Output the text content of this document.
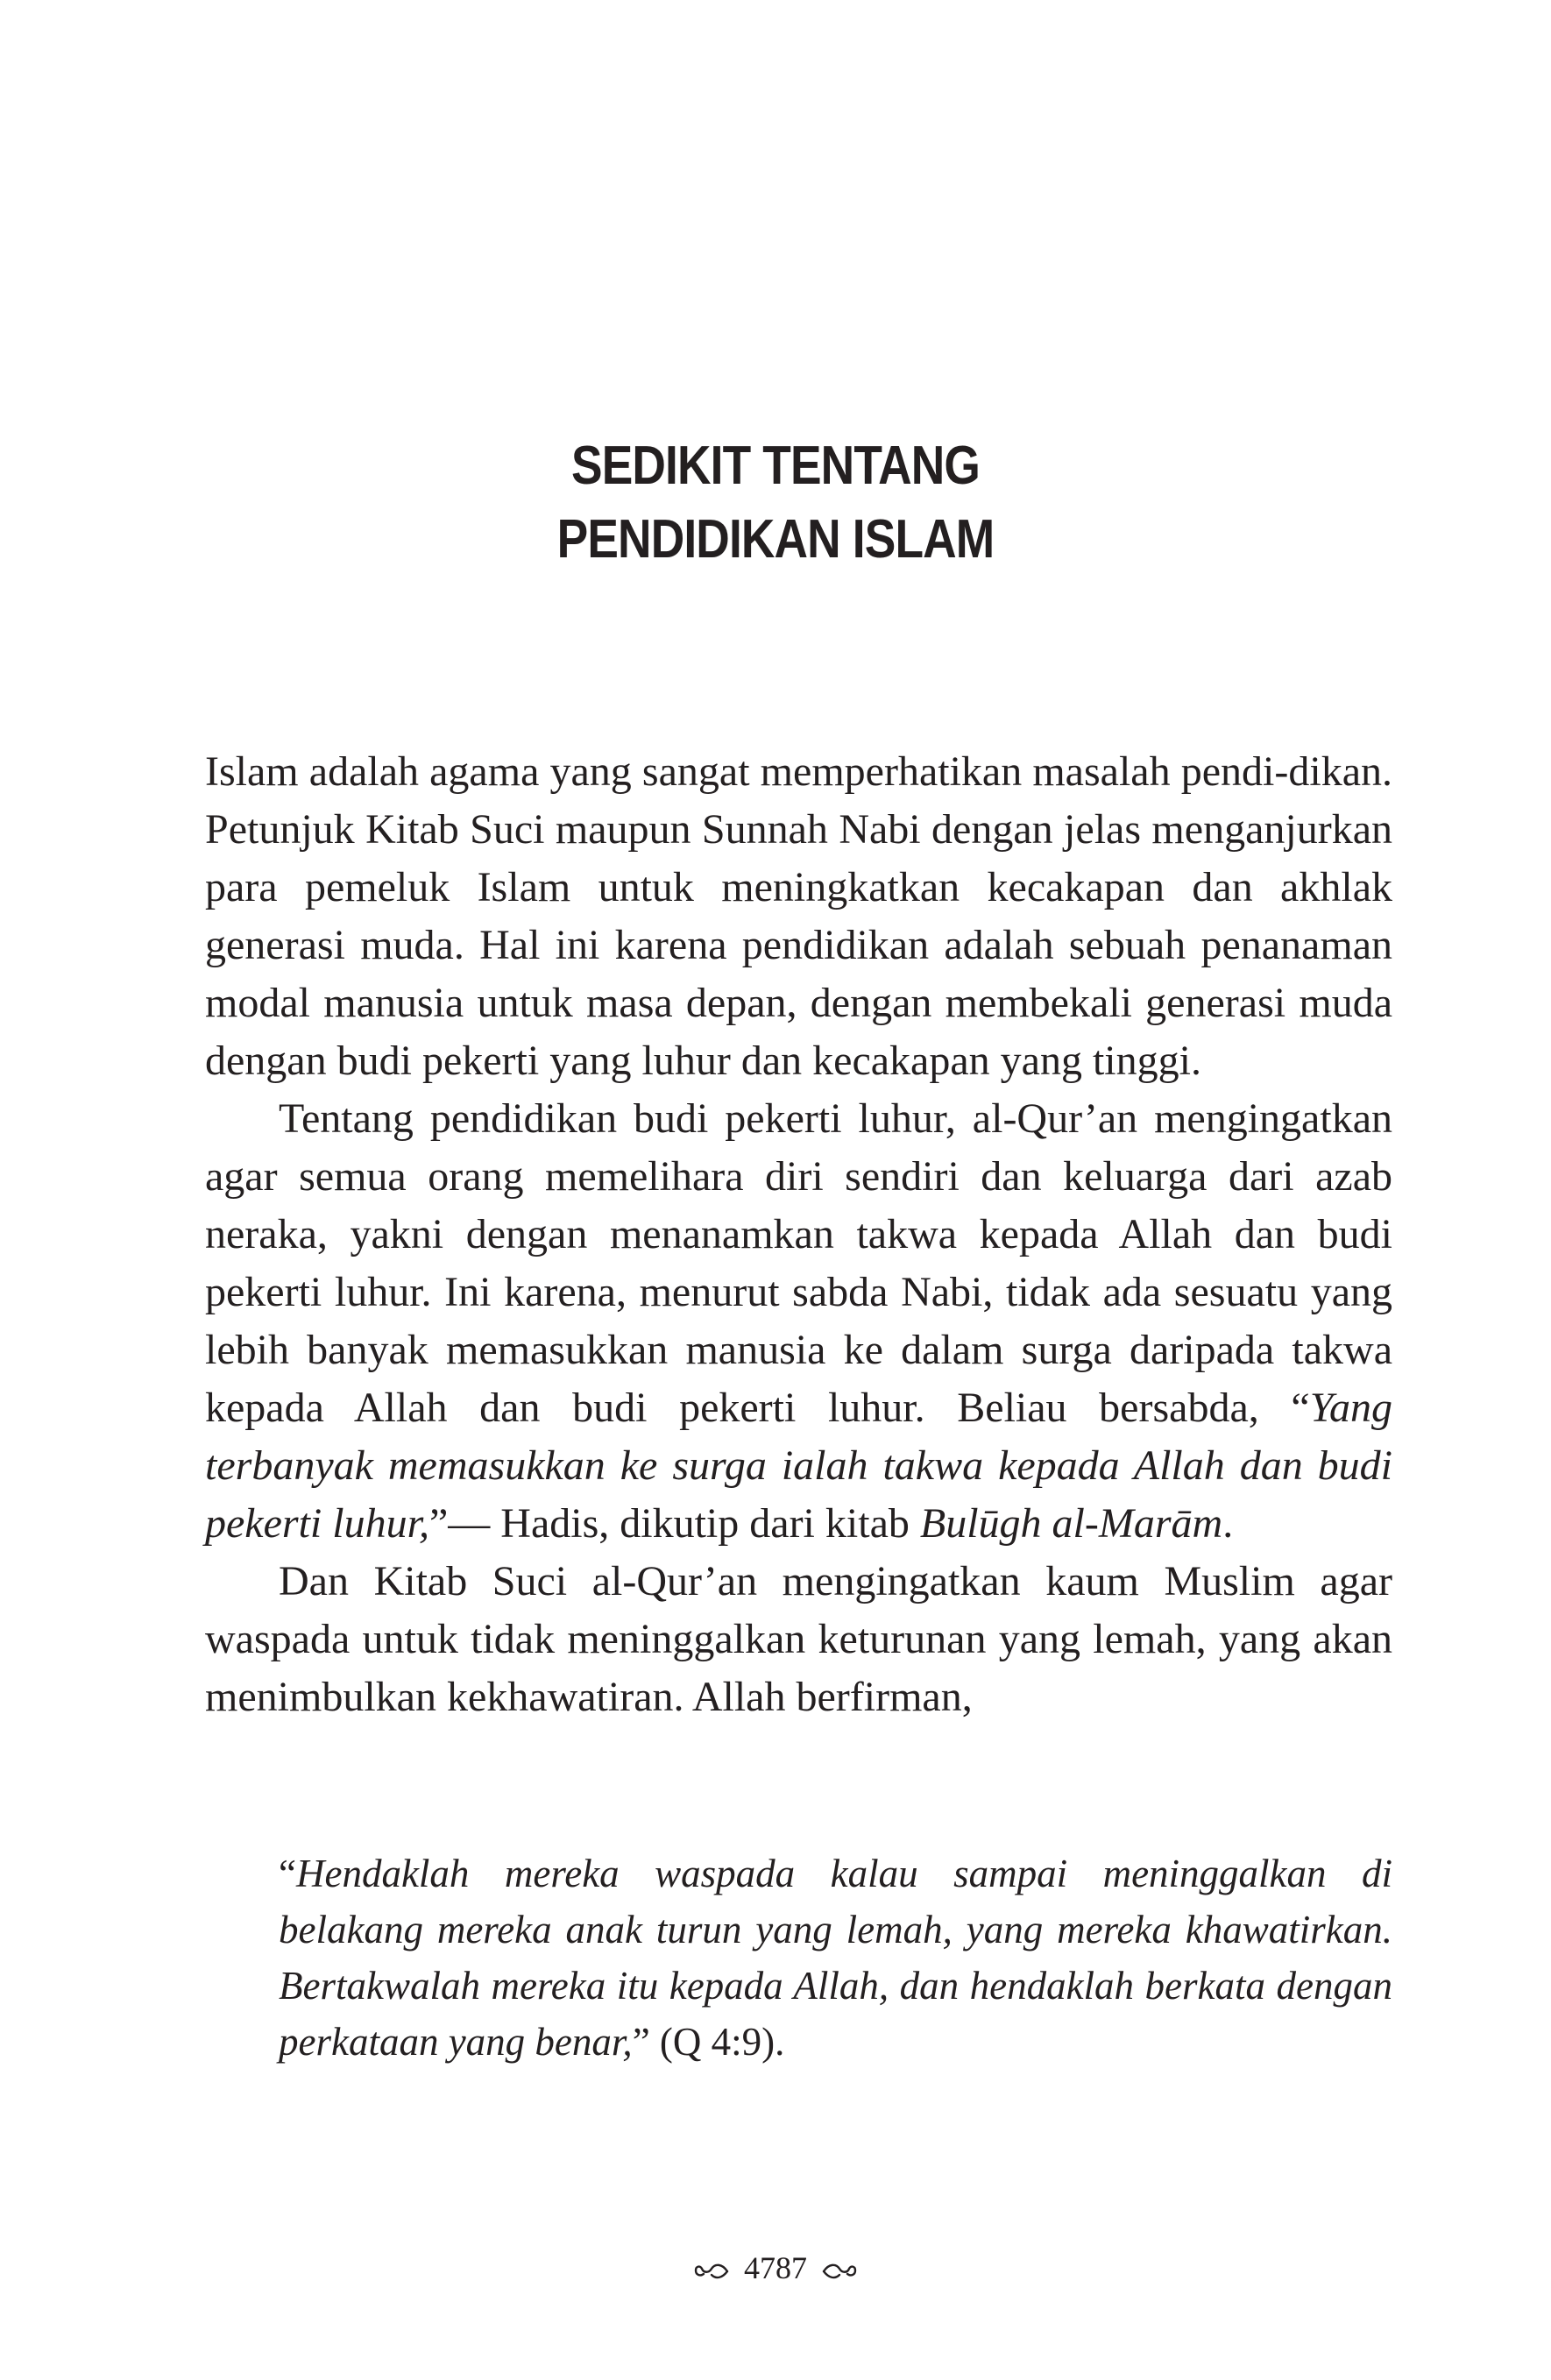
SEDIKIT TENTANG
PENDIDIKAN ISLAM

Islam adalah agama yang sangat memperhatikan masalah pendi-dikan. Petunjuk Kitab Suci maupun Sunnah Nabi dengan jelas menganjurkan para pemeluk Islam untuk meningkatkan kecakapan dan akhlak generasi muda. Hal ini karena pendidikan adalah sebuah penanaman modal manusia untuk masa depan, dengan membekali generasi muda dengan budi pekerti yang luhur dan kecakapan yang tinggi.

Tentang pendidikan budi pekerti luhur, al-Qur’an mengingatkan agar semua orang memelihara diri sendiri dan keluarga dari azab neraka, yakni dengan menanamkan takwa kepada Allah dan budi pekerti luhur. Ini karena, menurut sabda Nabi, tidak ada sesuatu yang lebih banyak memasukkan manusia ke dalam surga daripada takwa kepada Allah dan budi pekerti luhur. Beliau bersabda, “Yang terbanyak memasukkan ke surga ialah takwa kepada Allah dan budi pekerti luhur,”— Hadis, dikutip dari kitab Bulūgh al-Marām.

Dan Kitab Suci al-Qur’an mengingatkan kaum Muslim agar waspada untuk tidak meninggalkan keturunan yang lemah, yang akan menimbulkan kekhawatiran. Allah berfirman,

“Hendaklah mereka waspada kalau sampai meninggalkan di belakang mereka anak turun yang lemah, yang mereka khawatirkan. Bertakwalah mereka itu kepada Allah, dan hendaklah berkata dengan perkataan yang benar,” (Q 4:9).

4787
